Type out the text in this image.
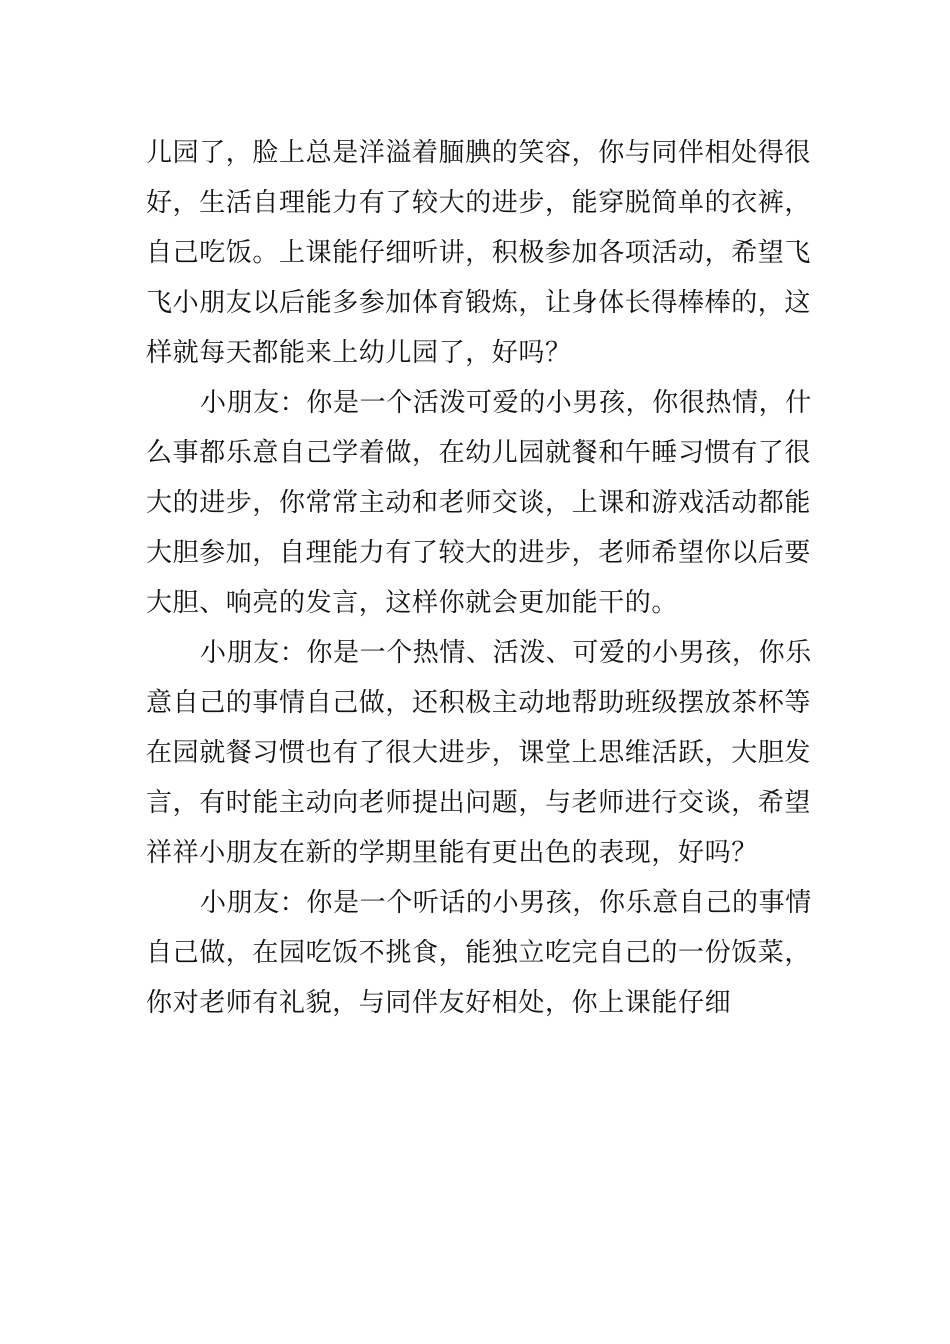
儿园了，脸上总是洋溢着腼腆的笑容，你与同伴相处得很
好，生活自理能力有了较大的进步，能穿脱简单的衣裤，
自己吃饭。上课能仔细听讲，积极参加各项活动，希望飞
飞小朋友以后能多参加体育锻炼，让身体长得棒棒的，这
样就每天都能来上幼儿园了，好吗？

小朋友：你是一个活泼可爱的小男孩，你很热情，什
么事都乐意自己学着做，在幼儿园就餐和午睡习惯有了很
大的进步，你常常主动和老师交谈，上课和游戏活动都能
大胆参加，自理能力有了较大的进步，老师希望你以后要
大胆、响亮的发言，这样你就会更加能干的。

小朋友：你是一个热情、活泼、可爱的小男孩，你乐
意自己的事情自己做，还积极主动地帮助班级摆放茶杯等
在园就餐习惯也有了很大进步，课堂上思维活跃，大胆发
言，有时能主动向老师提出问题，与老师进行交谈，希望
祥祥小朋友在新的学期里能有更出色的表现，好吗？

小朋友：你是一个听话的小男孩，你乐意自己的事情
自己做，在园吃饭不挑食，能独立吃完自己的一份饭菜，
你对老师有礼貌，与同伴友好相处，你上课能仔细
